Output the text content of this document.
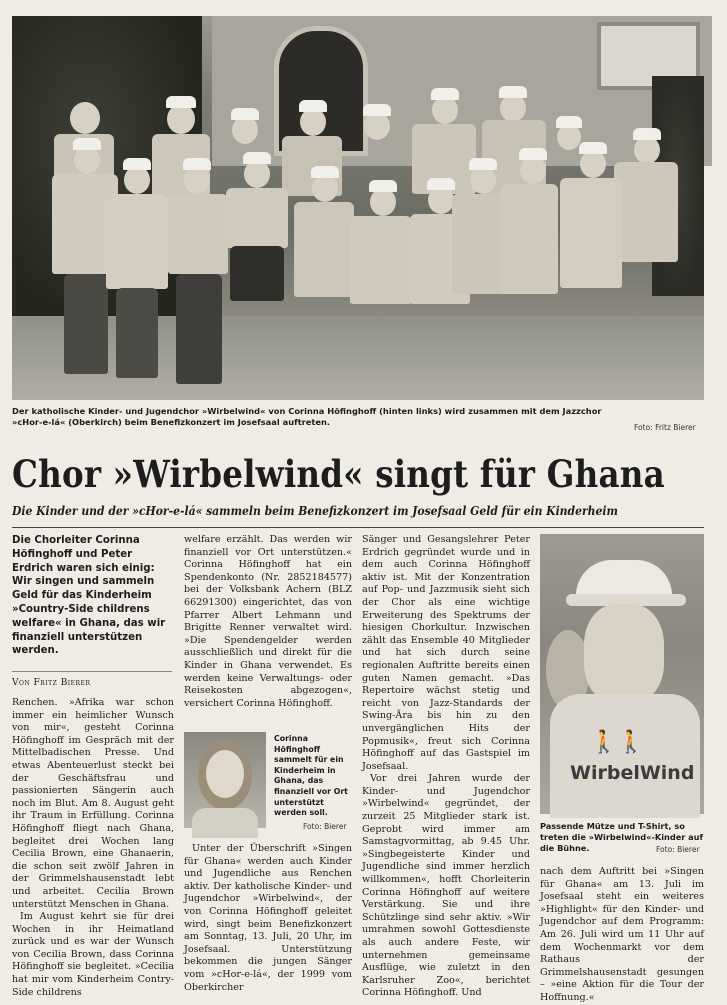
Der katholische Kinder- und Jugendchor »Wirbelwind« von Corinna Höfinghoff (hinten links) wird zusammen mit dem Jazzchor »cHor-e-lá« (Oberkirch) beim Benefizkonzert im Josefsaal auftreten.
Foto: Fritz Bierer
Chor »Wirbelwind« singt für Ghana
Die Kinder und der »cHor-e-lá« sammeln beim Benefizkonzert im Josefsaal Geld für ein Kinderheim
Die Chorleiter Corinna Höfinghoff und Peter Erdrich waren sich einig: Wir singen und sammeln Geld für das Kinderheim »Country-Side childrens welfare« in Ghana, das wir finanziell unterstützen werden.
Von Fritz Bierer

Renchen. »Afrika war schon immer ein heimlicher Wunsch von mir«, gesteht Corinna Höfinghoff im Gespräch mit der Mittelbadischen Presse. Und etwas Abenteuerlust steckt bei der Geschäftsfrau und passionierten Sängerin auch noch im Blut. Am 8. August geht ihr Traum in Erfüllung. Corinna Höfinghoff fliegt nach Ghana, begleitet drei Wochen lang Cecilia Brown, eine Ghanaerin, die schon seit zwölf Jahren in der Grimmelshausenstadt lebt und arbeitet. Cecilia Brown unterstützt Menschen in Ghana.

Im August kehrt sie für drei Wochen in ihr Heimatland zurück und es war der Wunsch von Cecilia Brown, dass Corinna Höfinghoff sie begleitet. »Cecilia hat mir vom Kinderheim Contry-Side childrens

welfare erzählt. Das werden wir finanziell vor Ort unterstützen.« Corinna Höfinghoff hat ein Spendenkonto (Nr. 2852184577) bei der Volksbank Achern (BLZ 66291300) eingerichtet, das von Pfarrer Albert Lehmann und Brigitte Renner verwaltet wird. »Die Spendengelder werden ausschließlich und direkt für die Kinder in Ghana verwendet. Es werden keine Verwaltungs- oder Reisekosten abgezogen«, versichert Corinna Höfinghoff.

Corinna Höfinghoff sammelt für ein Kinderheim in Ghana, das finanziell vor Ort unterstützt werden soll.
Foto: Bierer

Unter der Überschrift »Singen für Ghana« werden auch Kinder und Jugendliche aus Renchen aktiv. Der katholische Kinder- und Jugendchor »Wirbelwind«, der von Corinna Höfinghoff geleitet wird, singt beim Benefizkonzert am Sonntag, 13. Juli, 20 Uhr, im Josefsaal. Unterstützung bekommen die jungen Sänger vom »cHor-e-lá«, der 1999 vom Oberkircher

Sänger und Gesangslehrer Peter Erdrich gegründet wurde und in dem auch Corinna Höfinghoff aktiv ist. Mit der Konzentration auf Pop- und Jazzmusik sieht sich der Chor als eine wichtige Erweiterung des Spektrums der hiesigen Chorkultur. Inzwischen zählt das Ensemble 40 Mitglieder und hat sich durch seine regionalen Auftritte bereits einen guten Namen gemacht. »Das Repertoire wächst stetig und reicht von Jazz-Standards der Swing-Ära bis hin zu den unvergänglichen Hits der Popmusik«, freut sich Corinna Höfinghoff auf das Gastspiel im Josefsaal.

Vor drei Jahren wurde der Kinder- und Jugendchor »Wirbelwind« gegründet, der zurzeit 25 Mitglieder stark ist. Geprobt wird immer am Samstagvormittag, ab 9.45 Uhr. »Singbegeisterte Kinder und Jugendliche sind immer herzlich willkommen«, hofft Chorleiterin Corinna Höfinghoff auf weitere Verstärkung. Sie und ihre Schützlinge sind sehr aktiv. »Wir umrahmen sowohl Gottesdienste als auch andere Feste, wir unternehmen gemeinsame Ausflüge, wie zuletzt in den Karlsruher Zoo«, berichtet Corinna Höfinghoff. Und

🚶🚶
WirbelWind
Passende Mütze und T-Shirt, so treten die »Wirbelwind«-Kinder auf die Bühne.	Foto: Bierer

nach dem Auftritt bei »Singen für Ghana« am 13. Juli im Josefsaal steht ein weiteres »Highlight« für den Kinder- und Jugendchor auf dem Programm: Am 26. Juli wird um 11 Uhr auf dem Wochenmarkt vor dem Rathaus der Grimmelshausenstadt gesungen – »eine Aktion für die Tour der Hoffnung.«
